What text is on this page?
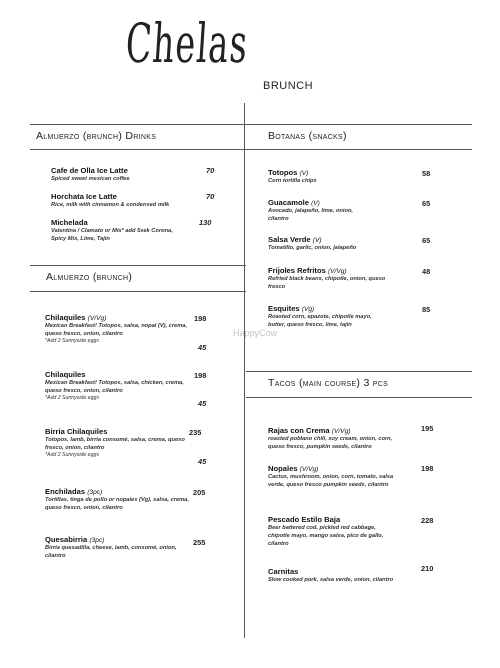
Chelas
BRUNCH
Almuerzo (brunch) Drinks	Botanas (snacks)
Almuerzo (brunch)
Tacos (main course) 3 pcs
HappyCow
Cafe de Olla Ice Latte
Spiced sweet mexican coffee
70
Horchata Ice Latte
Rice, milk with cinnamon & condensed milk
70
Michelada
Valentina / Clamato or Mix* add 5sek Corona, Spicy Mix, Lime, Tajin
130
Chilaquiles (V/Vg)
Mexican Breakfast! Totopos, salsa, nopal (V), crema, queso fresco, onion, cilantro
*Add 2 Sunnyside eggs
198
45
Chilaquiles
Mexican Breakfast! Totopos, salsa, chicken, crema, queso fresco, onion, cilantro
*Add 2 Sunnyside eggs
198
45
Birria Chilaquiles
Totopos, lamb, birria consomé, salsa, crema, queso fresco, onion, cilantro
*Add 2 Sunnyside eggs
235
45
Enchiladas (3pc)
Tortillas, tinga de pollo or nopales (Vg), salsa, crema, queso fresco, onion, cilantro
205
Quesabirria (3pc)
Birria quesadilla, cheese, lamb, consomé, onion, cilantro
255
Totopos (V)
Corn tortilla chips
58
Guacamole (V)
Avocado, jalapeño, lime, onion, cilantro
65
Salsa Verde (V)
Tomatillo, garlic, onion, jalapeño
65
Frijoles Refritos (V/Vg)
Refried black beans, chipotle, onion, queso fresco
48
Esquites (Vg)
Roasted corn, epazote, chipotle mayo, butter, queso fresco, lime, tajin
85
Rajas con Crema (V/Vg)
roasted poblano chili, soy cream, onion, corn, queso fresco, pumpkin seeds, cilantro
195
Nopales (V/Vg)
Cactus, mushroom, onion, corn, tomato, salsa verde, queso fresco pumpkin seeds, cilantro
198
Pescado Estilo Baja
Beer battered cod, pickled red cabbage, chipotle mayo, mango salsa, pico de gallo, cilantro
228
Carnitas
Slow cooked pork, salsa verde, onion, cilantro
210
